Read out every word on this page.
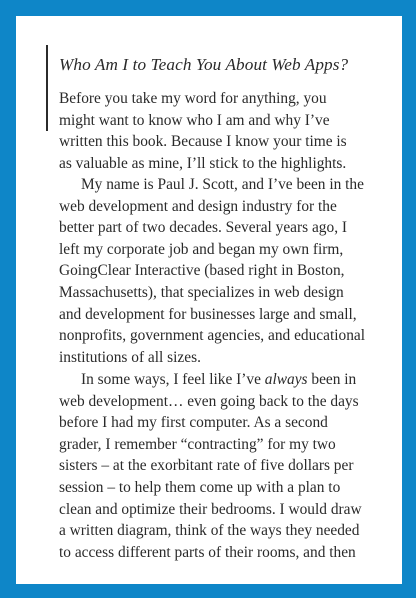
Who Am I to Teach You About Web Apps?
Before you take my word for anything, you
might want to know who I am and why I’ve
written this book. Because I know your time is
as valuable as mine, I’ll stick to the highlights.
My name is Paul J. Scott, and I’ve been in the
web development and design industry for the
better part of two decades. Several years ago, I
left my corporate job and began my own firm,
GoingClear Interactive (based right in Boston,
Massachusetts), that specializes in web design
and development for businesses large and small,
nonprofits, government agencies, and educational
institutions of all sizes.
In some ways, I feel like I’ve always been in
web development… even going back to the days
before I had my first computer. As a second
grader, I remember “contracting” for my two
sisters – at the exorbitant rate of five dollars per
session – to help them come up with a plan to
clean and optimize their bedrooms. I would draw
a written diagram, think of the ways they needed
to access different parts of their rooms, and then
